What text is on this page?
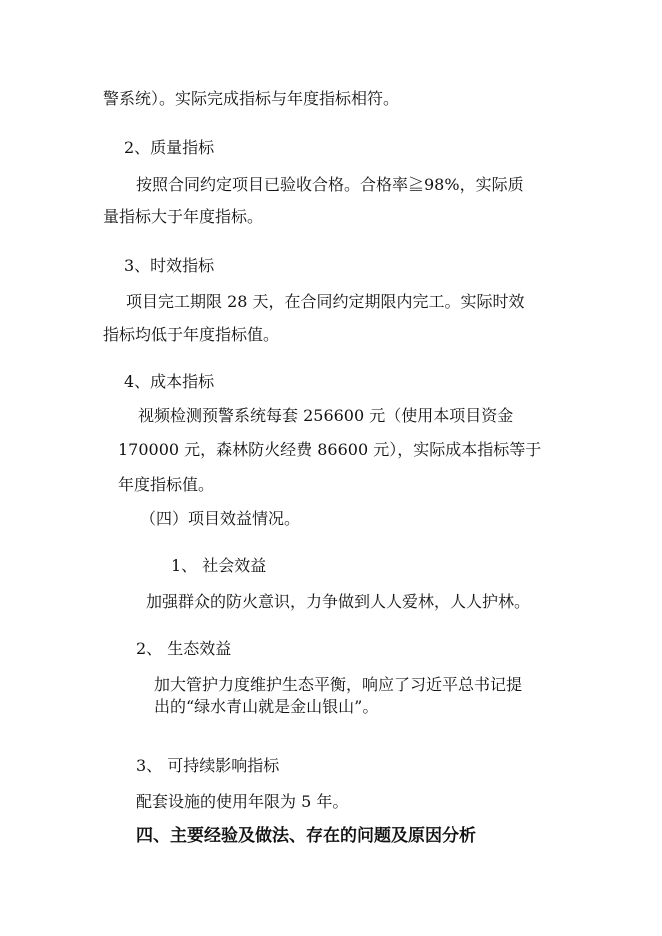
警系统）。实际完成指标与年度指标相符。

2、质量指标

按照合同约定项目已验收合格。合格率≧98%，实际质

量指标大于年度指标。

3、时效指标

项目完工期限 28 天，在合同约定期限内完工。实际时效

指标均低于年度指标值。

4、成本指标

视频检测预警系统每套 256600 元（使用本项目资金

170000 元，森林防火经费 86600 元），实际成本指标等于

年度指标值。

（四）项目效益情况。

1、 社会效益

加强群众的防火意识，力争做到人人爱林，人人护林。

2、 生态效益

加大管护力度维护生态平衡，响应了习近平总书记提

出的“绿水青山就是金山银山”。

3、 可持续影响指标

配套设施的使用年限为 5 年。

四、主要经验及做法、存在的问题及原因分析
